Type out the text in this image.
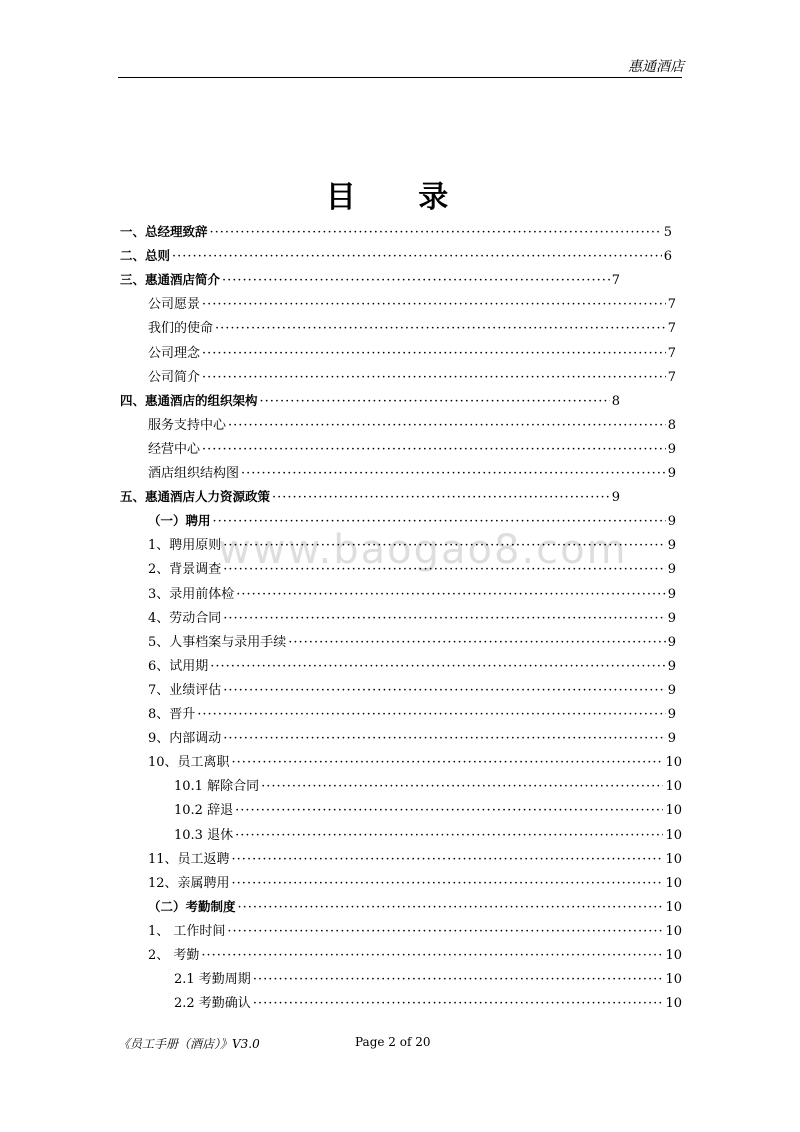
惠通酒店
目 录
www.baogao8.com
一、总经理致辞 ·····	5
二、总则 ·····	6
三、惠通酒店简介 ·····	7
公司愿景 ·····	7
我们的使命 ·····	7
公司理念 ·····	7
公司简介 ·····	7
四、惠通酒店的组织架构 ·····	8
服务支持中心 ·····	8
经营中心 ·····	9
酒店组织结构图 ·····	9
五、惠通酒店人力资源政策 ·····	9
（一）聘用 ·····	9
1、聘用原则 ·····	9
2、背景调查 ·····	9
3、录用前体检 ·····	9
4、劳动合同 ·····	9
5、人事档案与录用手续 ·····	9
6、试用期 ·····	9
7、业绩评估 ·····	9
8、晋升 ·····	9
9、内部调动 ·····	9
10、员工离职 ·····	10
10.1 解除合同 ·····	10
10.2 辞退 ·····	10
10.3 退休 ·····	10
11、员工返聘 ·····	10
12、亲属聘用 ·····	10
（二）考勤制度 ·····	10
1、 工作时间 ·····	10
2、 考勤 ·····	10
2.1 考勤周期 ·····	10
2.2 考勤确认 ·····	10
《员工手册（酒店）》V3.0	Page 2 of 20
